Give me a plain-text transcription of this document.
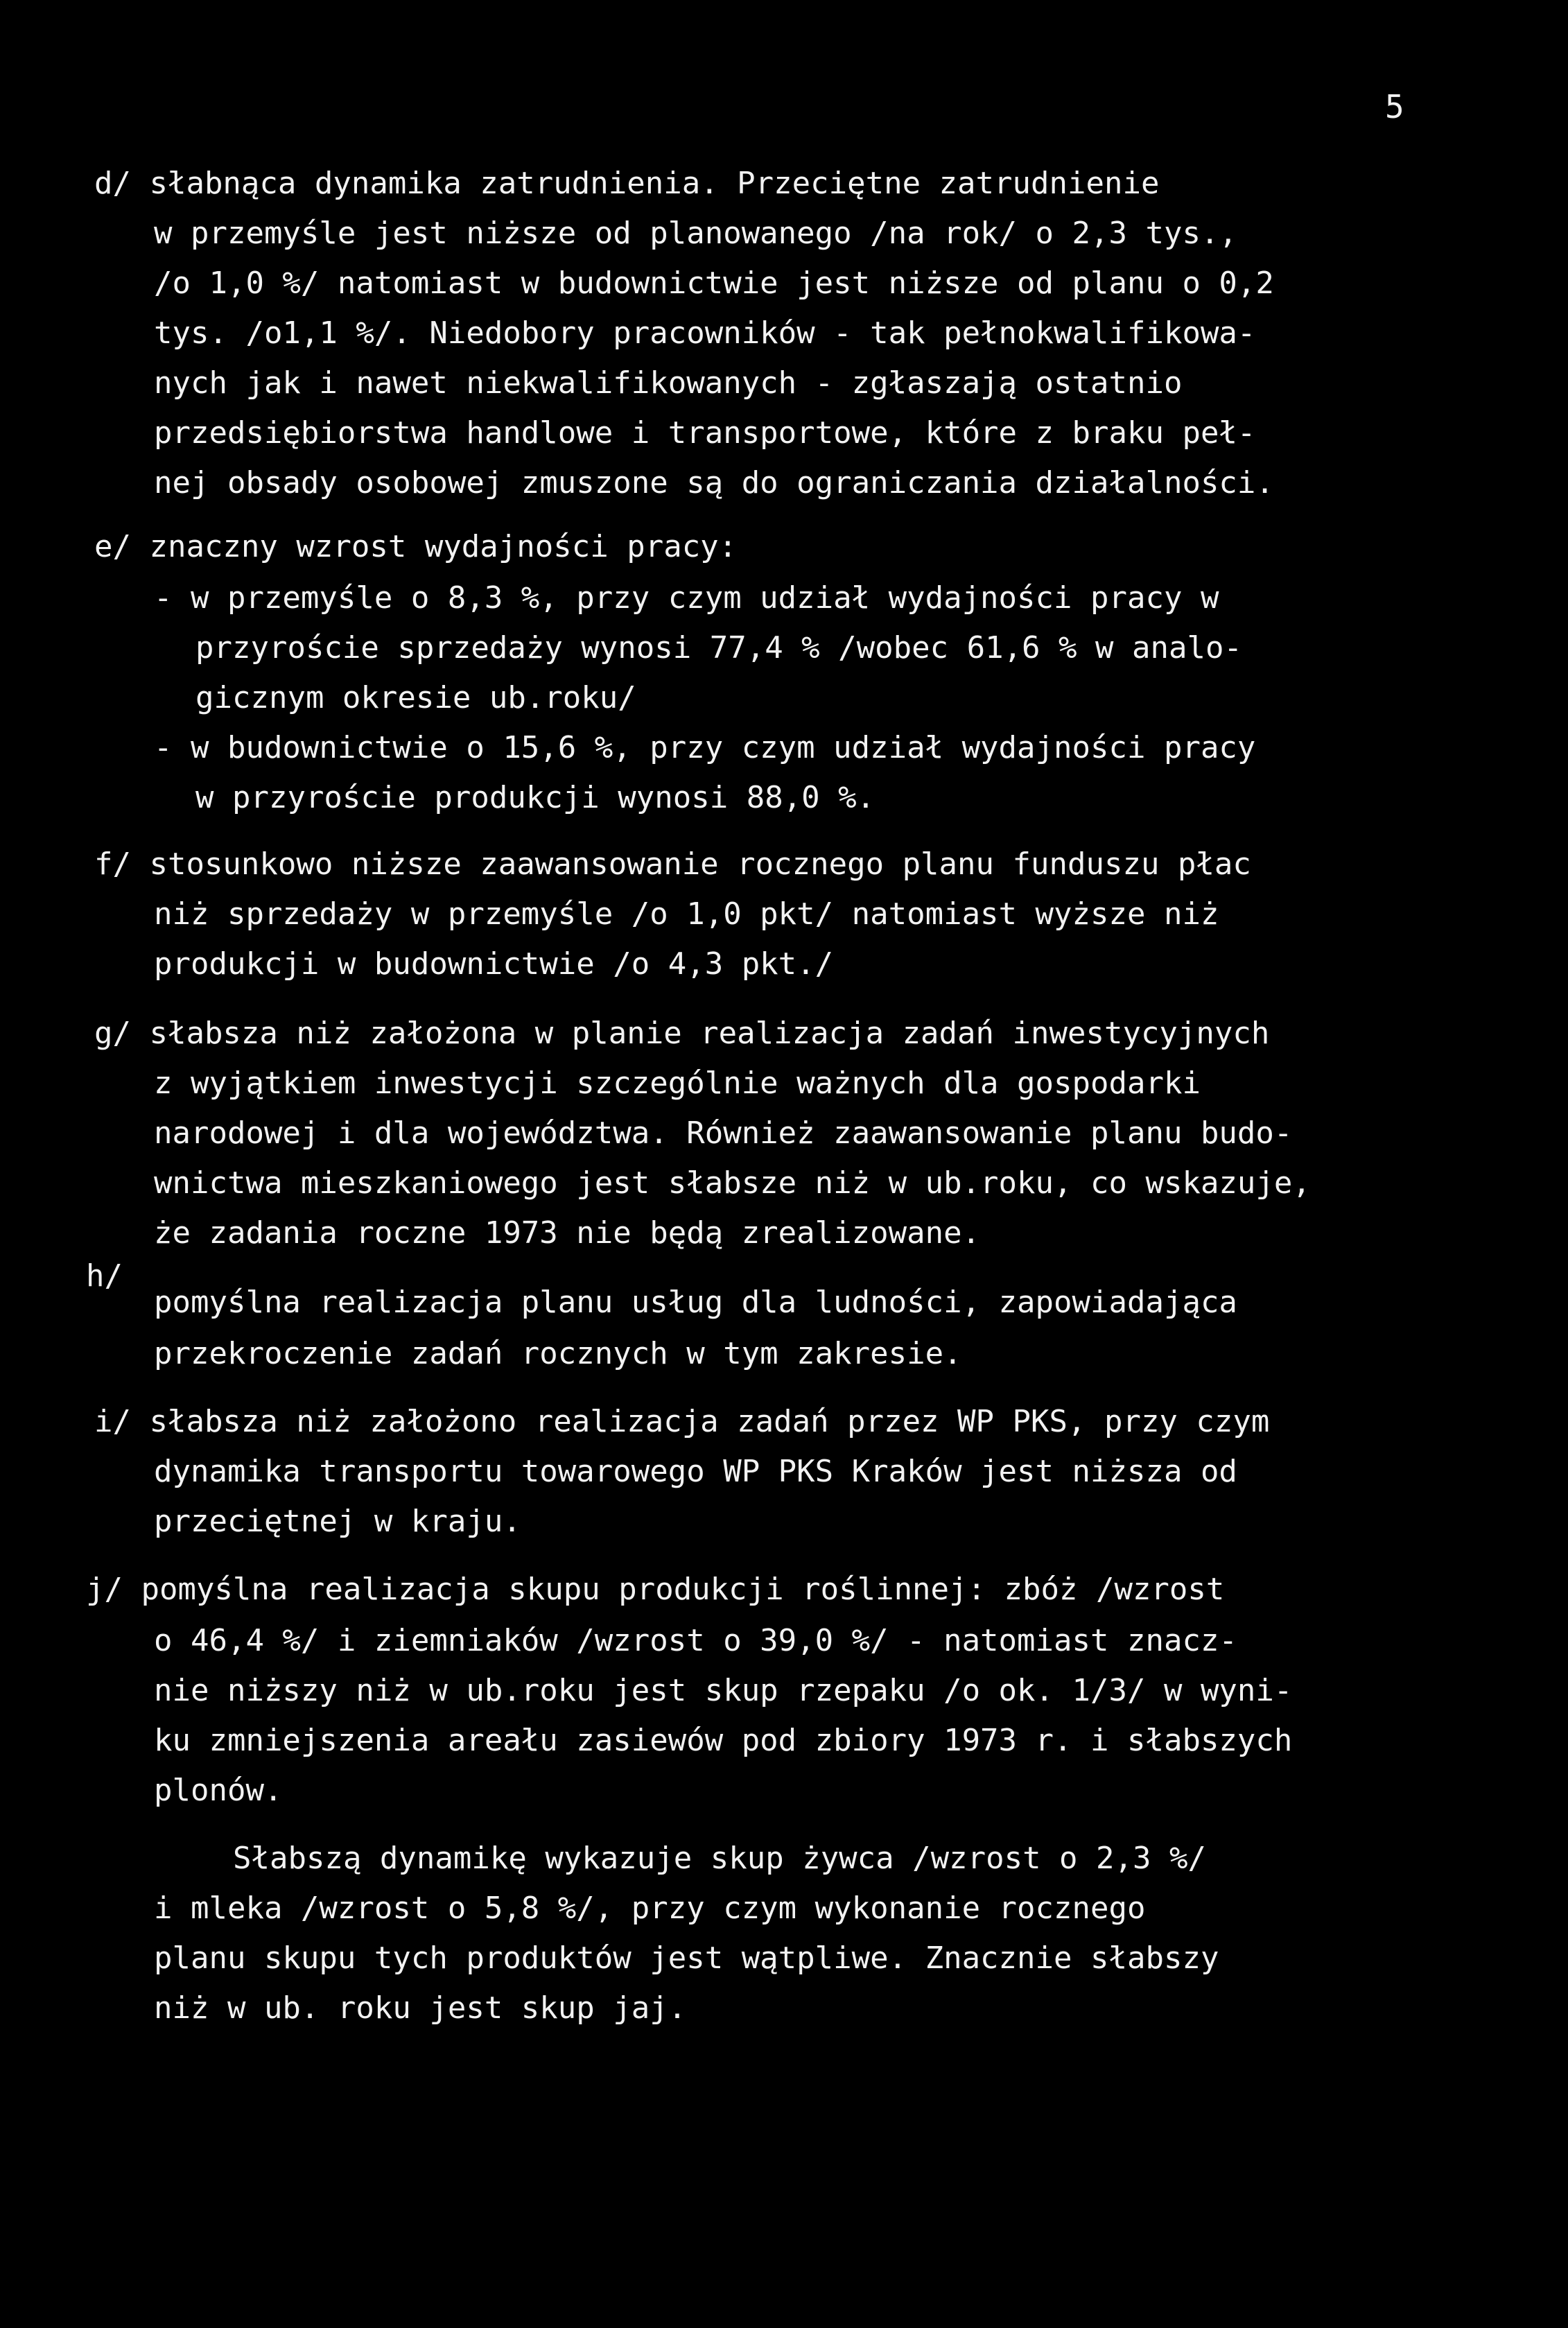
5

d/ słabnąca dynamika zatrudnienia. Przeciętne zatrudnienie

w przemyśle jest niższe od planowanego /na rok/ o 2,3 tys.,

/o 1,0 %/ natomiast w budownictwie jest niższe od planu o 0,2

tys. /o1,1 %/. Niedobory pracowników - tak pełnokwalifikowa-

nych jak i nawet niekwalifikowanych - zgłaszają ostatnio

przedsiębiorstwa handlowe i transportowe, które z braku peł-

nej obsady osobowej zmuszone są do ograniczania działalności.

e/ znaczny wzrost wydajności pracy:

- w przemyśle o 8,3 %, przy czym udział wydajności pracy w

przyroście sprzedaży wynosi 77,4 % /wobec 61,6 % w analo-

gicznym okresie ub.roku/

- w budownictwie o 15,6 %, przy czym udział wydajności pracy

w przyroście produkcji wynosi 88,0 %.

f/ stosunkowo niższe zaawansowanie rocznego planu funduszu płac

niż sprzedaży w przemyśle /o 1,0 pkt/ natomiast wyższe niż

produkcji w budownictwie /o 4,3 pkt./

g/ słabsza niż założona w planie realizacja zadań inwestycyjnych

z wyjątkiem inwestycji szczególnie ważnych dla gospodarki

narodowej i dla województwa. Również zaawansowanie planu budo-

wnictwa mieszkaniowego jest słabsze niż w ub.roku, co wskazuje,

że zadania roczne 1973 nie będą zrealizowane.

h/

pomyślna realizacja planu usług dla ludności, zapowiadająca

przekroczenie zadań rocznych w tym zakresie.

i/ słabsza niż założono realizacja zadań przez WP PKS, przy czym

dynamika transportu towarowego WP PKS Kraków jest niższa od

przeciętnej w kraju.

j/ pomyślna realizacja skupu produkcji roślinnej: zbóż /wzrost

o 46,4 %/ i ziemniaków /wzrost o 39,0 %/ - natomiast znacz-

nie niższy niż w ub.roku jest skup rzepaku /o ok. 1/3/ w wyni-

ku zmniejszenia areału zasiewów pod zbiory 1973 r. i słabszych

plonów.

Słabszą dynamikę wykazuje skup żywca /wzrost o 2,3 %/

i mleka /wzrost o 5,8 %/, przy czym wykonanie rocznego

planu skupu tych produktów jest wątpliwe. Znacznie słabszy

niż w ub. roku jest skup jaj.
